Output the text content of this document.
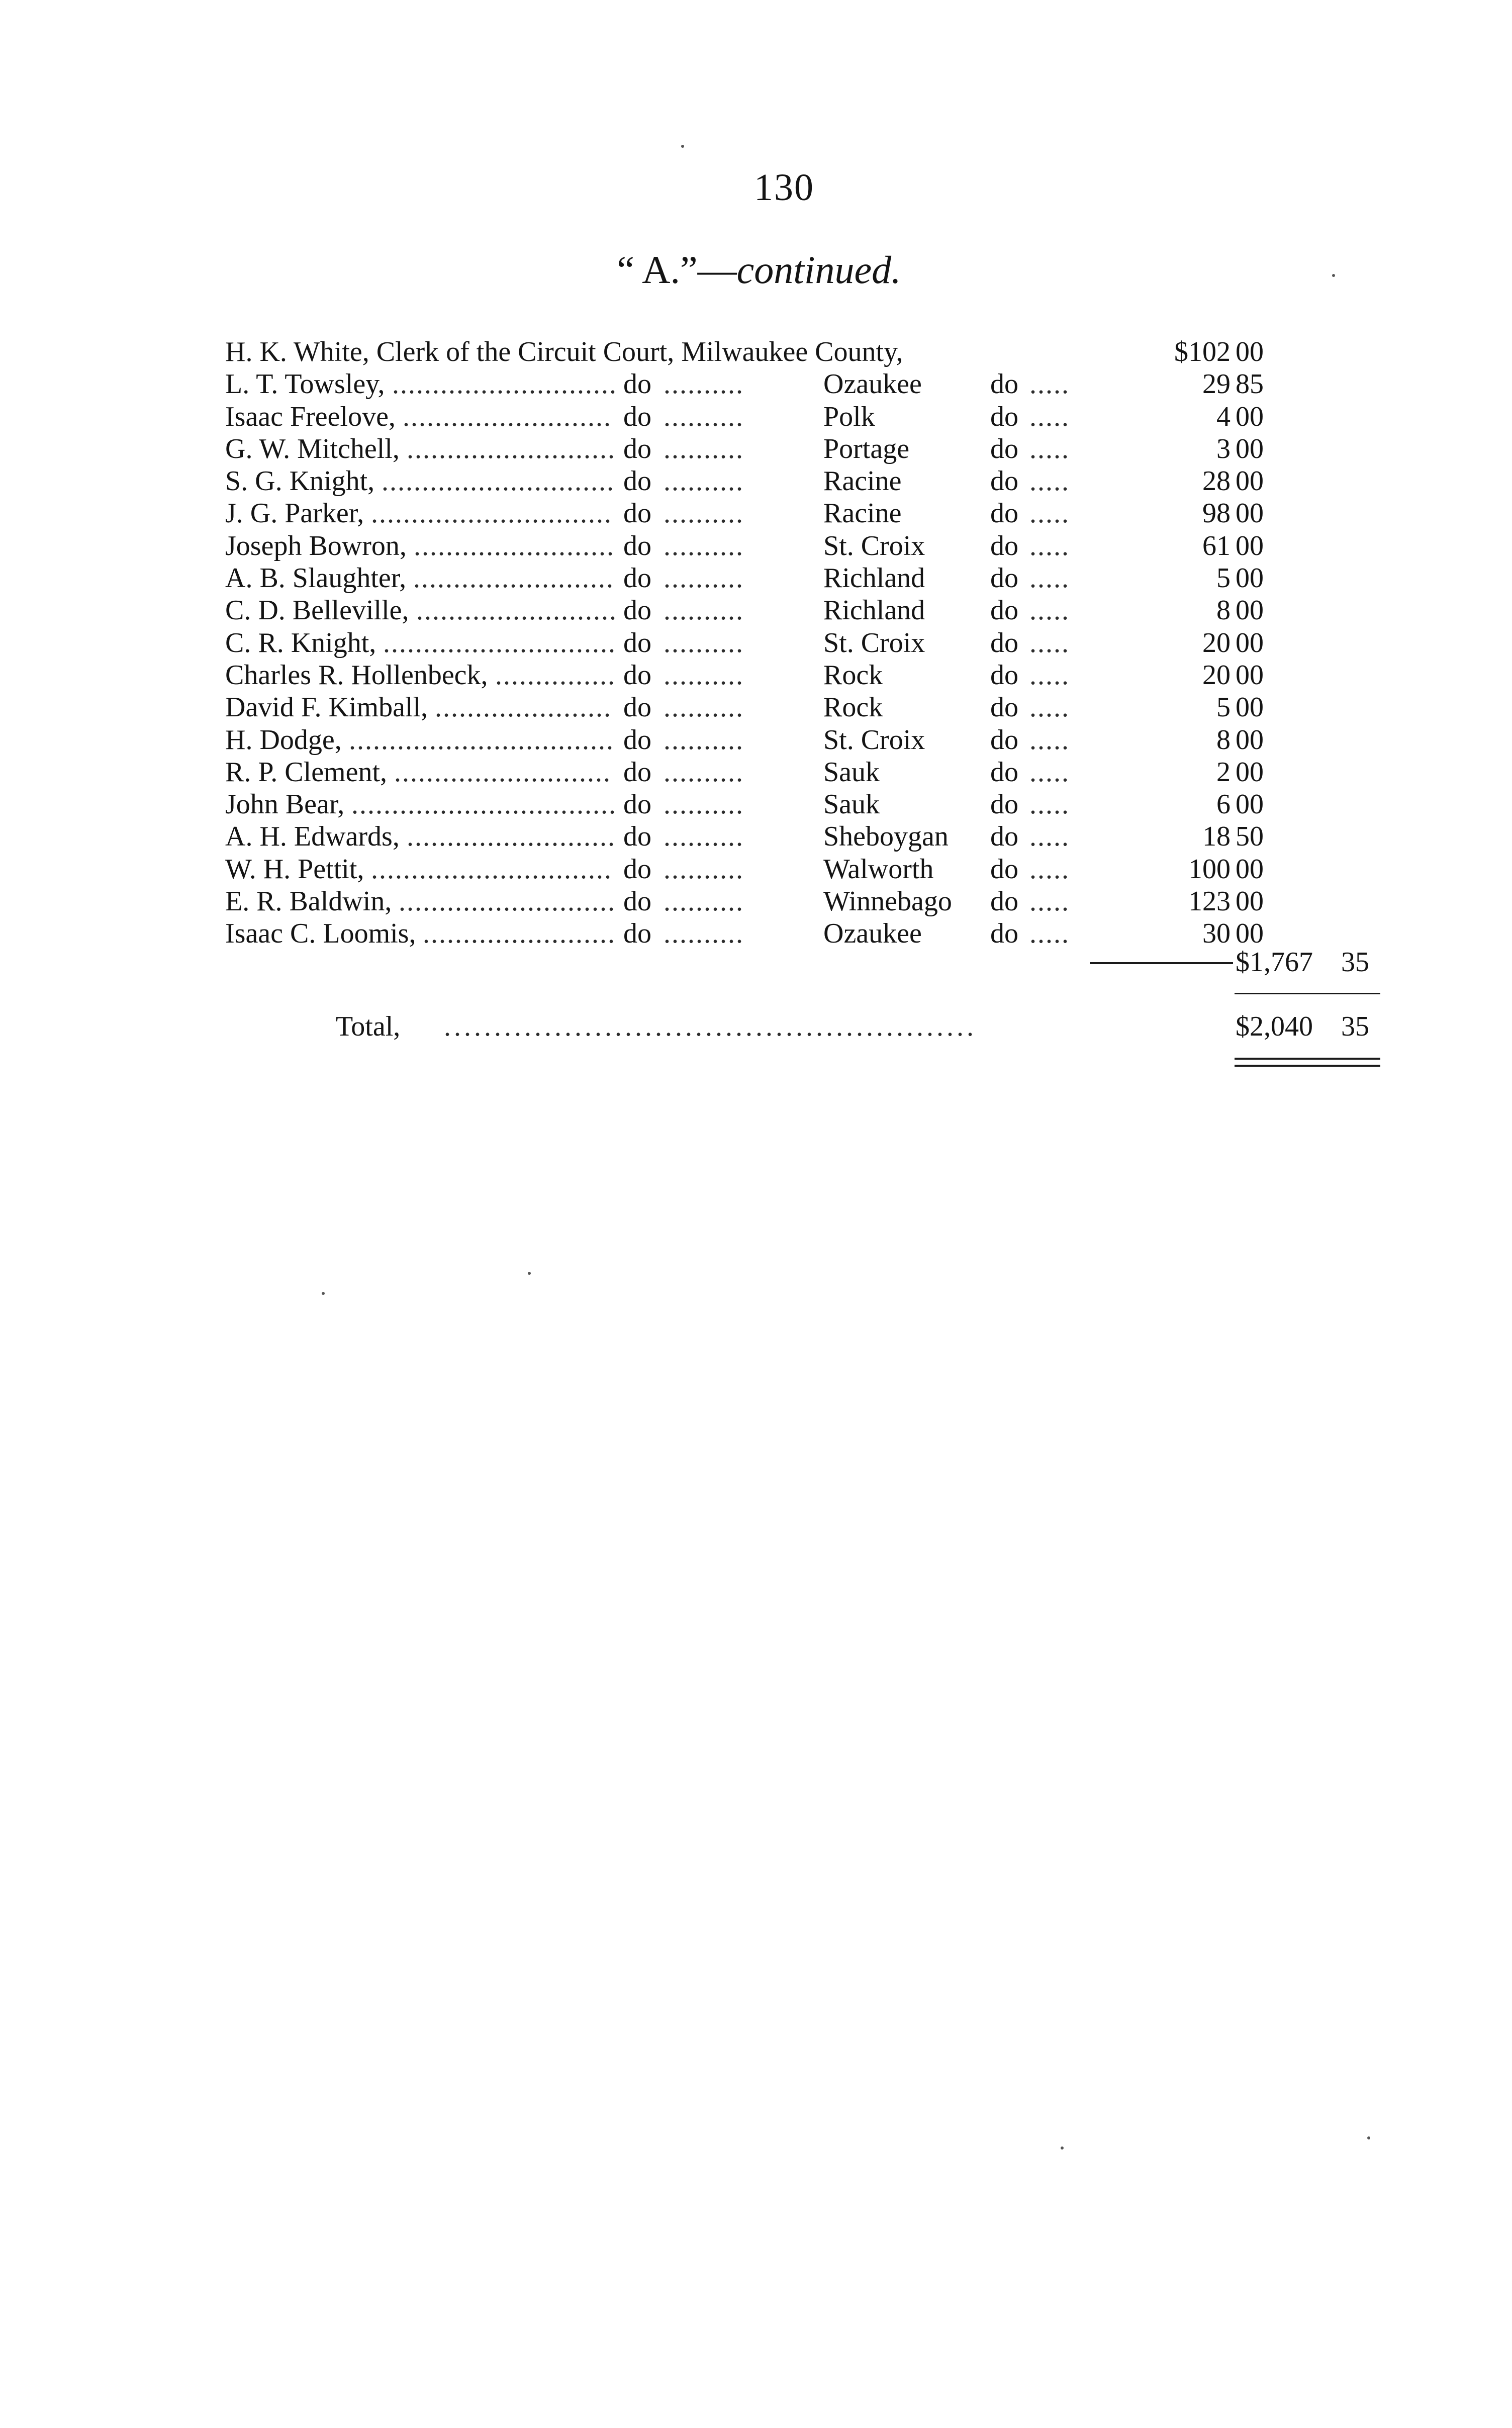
130
“ A.”—continued.
H. K. White, Clerk of the Circuit Court, Milwaukee County,	$102 00
L. T. Towsley, ............................ do ..........	Ozaukee do .....	29 85
Isaac Freelove, .......................... do ..........	Polk	do .....	4 00
G. W. Mitchell, .......................... do ..........	Portage	do .....	3 00
S. G. Knight, ............................. do ..........	Racine	do .....	28 00
J. G. Parker, .............................. do ..........	Racine	do .....	98 00
Joseph Bowron, ......................... do ..........	St. Croix do .....	61 00
A. B. Slaughter, ......................... do ..........	Richland do .....	5 00
C. D. Belleville, ......................... do ..........	Richland do .....	8 00
C. R. Knight, ............................. do ..........	St. Croix do .....	20 00
Charles R. Hollenbeck, ............... do ..........	Rock	do .....	20 00
David F. Kimball, ...................... do ..........	Rock	do .....	5 00
H. Dodge, ................................. do ..........	St. Croix do .....	8 00
R. P. Clement, ........................... do ..........	Sauk	do .....	2 00
John Bear, ................................. do ..........	Sauk	do .....	6 00
A. H. Edwards, .......................... do ..........	Sheboygan do .....	18 50
W. H. Pettit, .............................. do ..........	Walworth do .....	100 00
E. R. Baldwin, ........................... do ..........	Winnebago do .....	123 00
Isaac C. Loomis, ........................ do ..........	Ozaukee do .....	30 00
$1,767 35
Total, .....................................................	$2,040 35
